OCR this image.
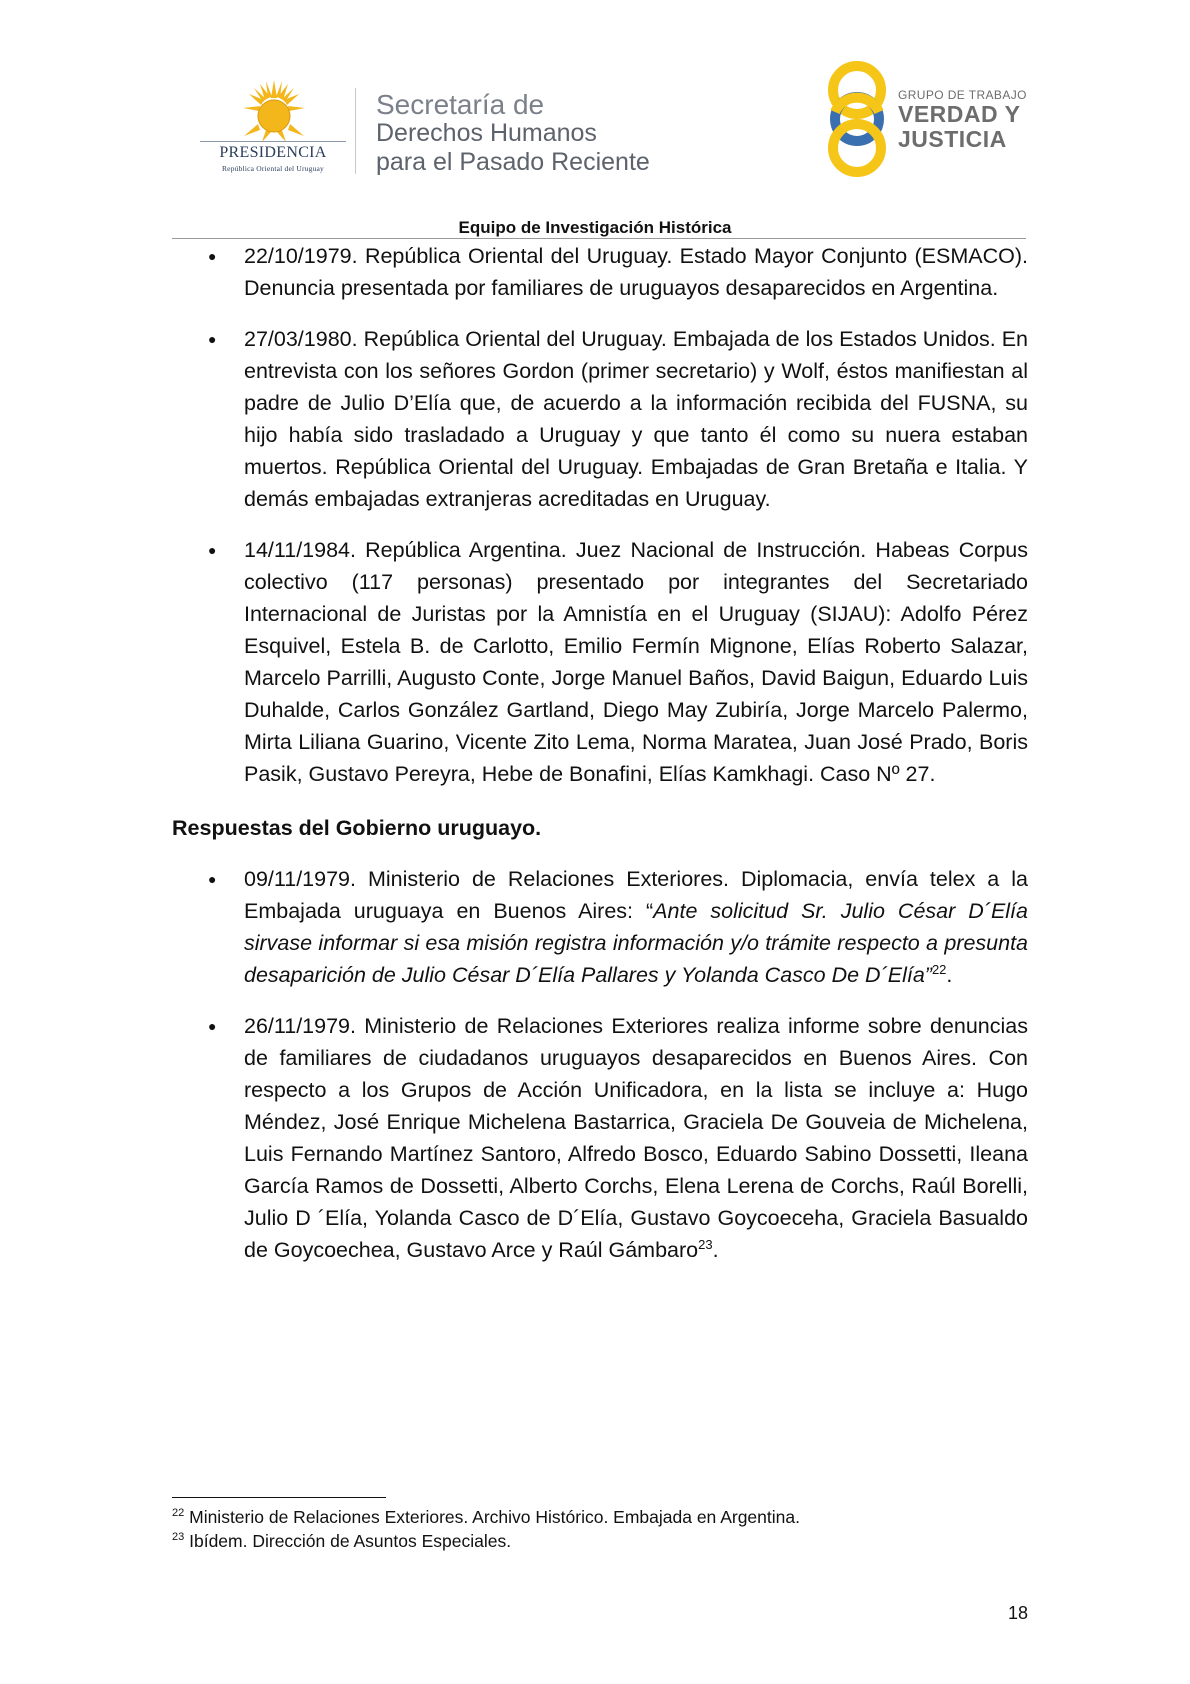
PRESIDENCIA
República Oriental del Uruguay
Secretaría de
Derechos Humanos
para el Pasado Reciente
GRUPO DE TRABAJO
VERDAD Y
JUSTICIA
Equipo de Investigación Histórica
● 22/10/1979. República Oriental del Uruguay. Estado Mayor Conjunto (ESMACO). Denuncia presentada por familiares de uruguayos desaparecidos en Argentina.

● 27/03/1980. República Oriental del Uruguay. Embajada de los Estados Unidos. En entrevista con los señores Gordon (primer secretario) y Wolf, éstos manifiestan al padre de Julio D’Elía que, de acuerdo a la información recibida del FUSNA, su hijo había sido trasladado a Uruguay y que tanto él como su nuera estaban muertos. República Oriental del Uruguay. Embajadas de Gran Bretaña e Italia. Y demás embajadas extranjeras acreditadas en Uruguay.

● 14/11/1984. República Argentina. Juez Nacional de Instrucción. Habeas Corpus colectivo (117 personas) presentado por integrantes del Secretariado Internacional de Juristas por la Amnistía en el Uruguay (SIJAU): Adolfo Pérez Esquivel, Estela B. de Carlotto, Emilio Fermín Mignone, Elías Roberto Salazar, Marcelo Parrilli, Augusto Conte, Jorge Manuel Baños, David Baigun, Eduardo Luis Duhalde, Carlos González Gartland, Diego May Zubiría, Jorge Marcelo Palermo, Mirta Liliana Guarino, Vicente Zito Lema, Norma Maratea, Juan José Prado, Boris Pasik, Gustavo Pereyra, Hebe de Bonafini, Elías Kamkhagi. Caso Nº 27.

Respuestas del Gobierno uruguayo.
● 09/11/1979. Ministerio de Relaciones Exteriores. Diplomacia, envía telex a la Embajada uruguaya en Buenos Aires: “Ante solicitud Sr. Julio César D´Elía sirvase informar si esa misión registra información y/o trámite respecto a presunta desaparición de Julio César D´Elía Pallares y Yolanda Casco De D´Elía”$^{22}$.

● 26/11/1979. Ministerio de Relaciones Exteriores realiza informe sobre denuncias de familiares de ciudadanos uruguayos desaparecidos en Buenos Aires. Con respecto a los Grupos de Acción Unificadora, en la lista se incluye a: Hugo Méndez, José Enrique Michelena Bastarrica, Graciela De Gouveia de Michelena, Luis Fernando Martínez Santoro, Alfredo Bosco, Eduardo Sabino Dossetti, Ileana García Ramos de Dossetti, Alberto Corchs, Elena Lerena de Corchs, Raúl Borelli, Julio D ´Elía, Yolanda Casco de D´Elía, Gustavo Goycoeceha, Graciela Basualdo de Goycoechea, Gustavo Arce y Raúl Gámbaro$^{23}$.

$^{22}$ Ministerio de Relaciones Exteriores. Archivo Histórico. Embajada en Argentina.
$^{23}$ Ibídem. Dirección de Asuntos Especiales.
18
